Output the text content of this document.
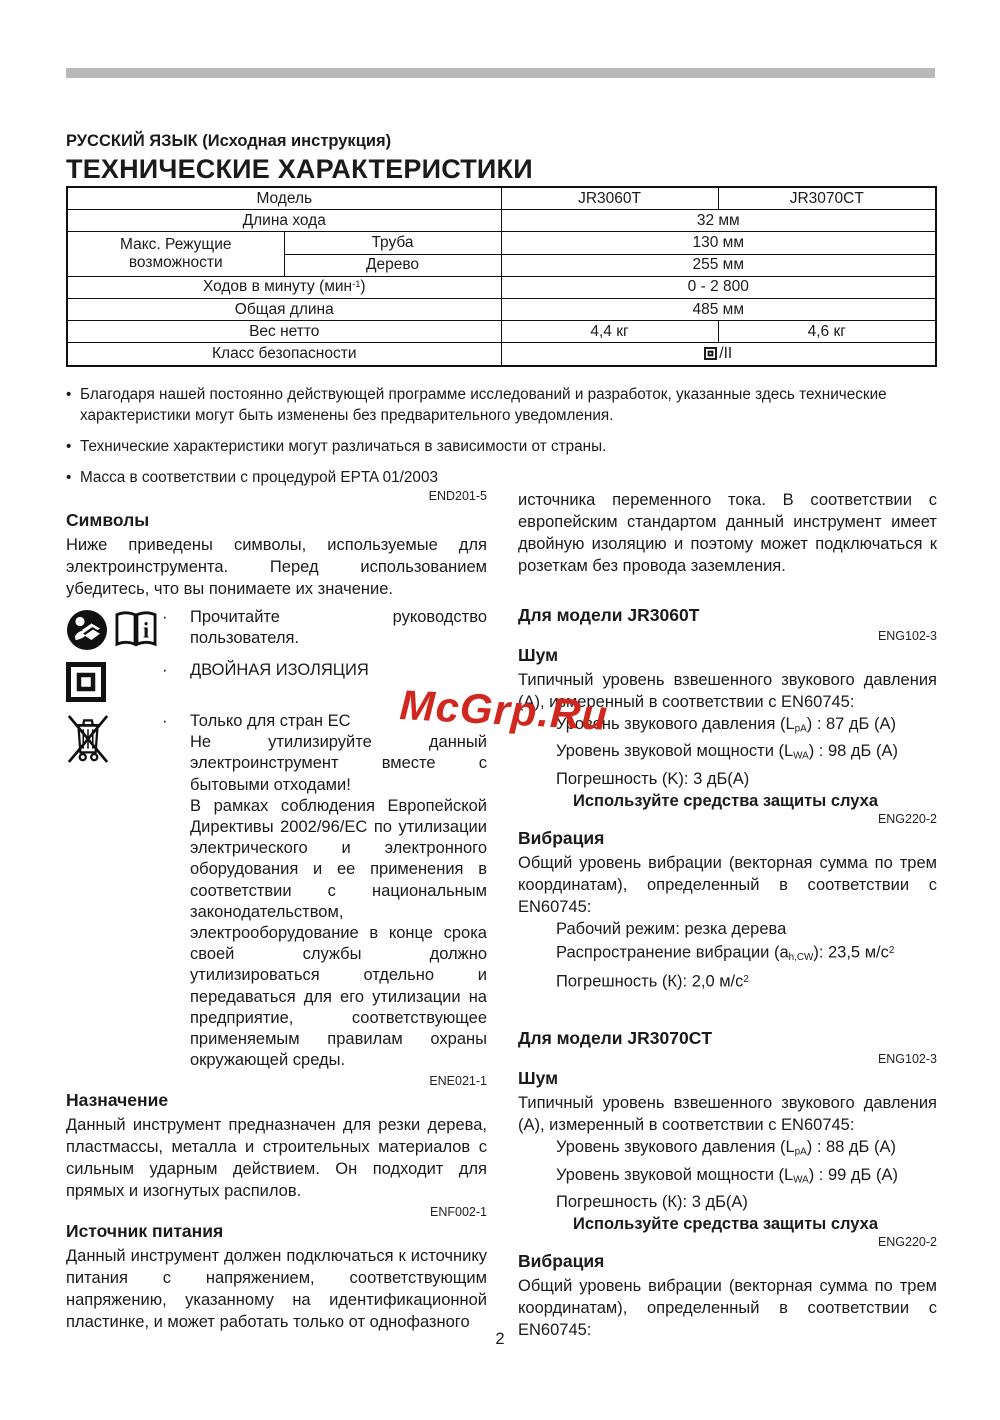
РУССКИЙ ЯЗЫК (Исходная инструкция)
ТЕХНИЧЕСКИЕ ХАРАКТЕРИСТИКИ
Модель		JR3060T	JR3070CT
Длина хода		32 мм	
Макс. Режущие возможности	Труба	130 мм	
	Дерево	255 мм	
Ходов в минуту (мин$^{-1}$)		0 - 2 800	
Общая длина		485 мм	
Вес нетто		4,4 кг	4,6 кг
Класс безопасности		/II	
• Благодаря нашей постоянно действующей программе исследований и разработок, указанные здесь технические характеристики могут быть изменены без предварительного уведомления.
• Технические характеристики могут различаться в зависимости от страны.
• Масса в соответствии с процедурой EPTA 01/2003
END201-5
Символы

Ниже приведены символы, используемые для электроинструмента. Перед использованием убедитесь, что вы понимаете их значение.

i
·	Прочитайте руководство пользователя.
·	ДВОЙНАЯ ИЗОЛЯЦИЯ
·	Только для стран ЕС

Не утилизируйте данный электроинструмент вместе с бытовыми отходами!

В рамках соблюдения Европейской Директивы 2002/96/EC по утилизации электрического и электронного оборудования и ее применения в соответствии с национальным законодательством,

электрооборудование в конце срока своей службы должно утилизироваться отдельно и передаваться для его утилизации на предприятие, соответствующее применяемым правилам охраны окружающей среды.

ENE021-1
Назначение

Данный инструмент предназначен для резки дерева, пластмассы, металла и строительных материалов с сильным ударным действием. Он подходит для прямых и изогнутых распилов.

ENF002-1
Источник питания

Данный инструмент должен подключаться к источнику питания с напряжением, соответствующим напряжению, указанному на идентификационной пластинке, и может работать только от однофазного

источника переменного тока. В соответствии с европейским стандартом данный инструмент имеет двойную изоляцию и поэтому может подключаться к розеткам без провода заземления.

Для модели JR3060T
ENG102-3
Шум

Типичный уровень взвешенного звукового давления (А), измеренный в соответствии с EN60745:

Уровень звукового давления $(L_{pA})$ : 87 дБ (А)
Уровень звуковой мощности $(L_{WA})$ : 98 дБ (А)
Погрешность (K): 3 дБ(А)
Используйте средства защиты слуха
ENG220-2
Вибрация

Общий уровень вибрации (векторная сумма по трем координатам), определенный в соответствии с EN60745:

Рабочий режим: резка дерева
Распространение вибрации $(a_{h,CW})$: 23,5 $м/с^2$
Погрешность (К): 2,0 $м/с^2$
Для модели JR3070CT
ENG102-3
Шум

Типичный уровень взвешенного звукового давления (А), измеренный в соответствии с EN60745:

Уровень звукового давления $(L_{pA})$ : 88 дБ (А)
Уровень звуковой мощности $(L_{WA})$ : 99 дБ (А)
Погрешность (К): 3 дБ(А)
Используйте средства защиты слуха
ENG220-2
Вибрация

Общий уровень вибрации (векторная сумма по трем координатам), определенный в соответствии с EN60745:

McGrp.Ru
2
